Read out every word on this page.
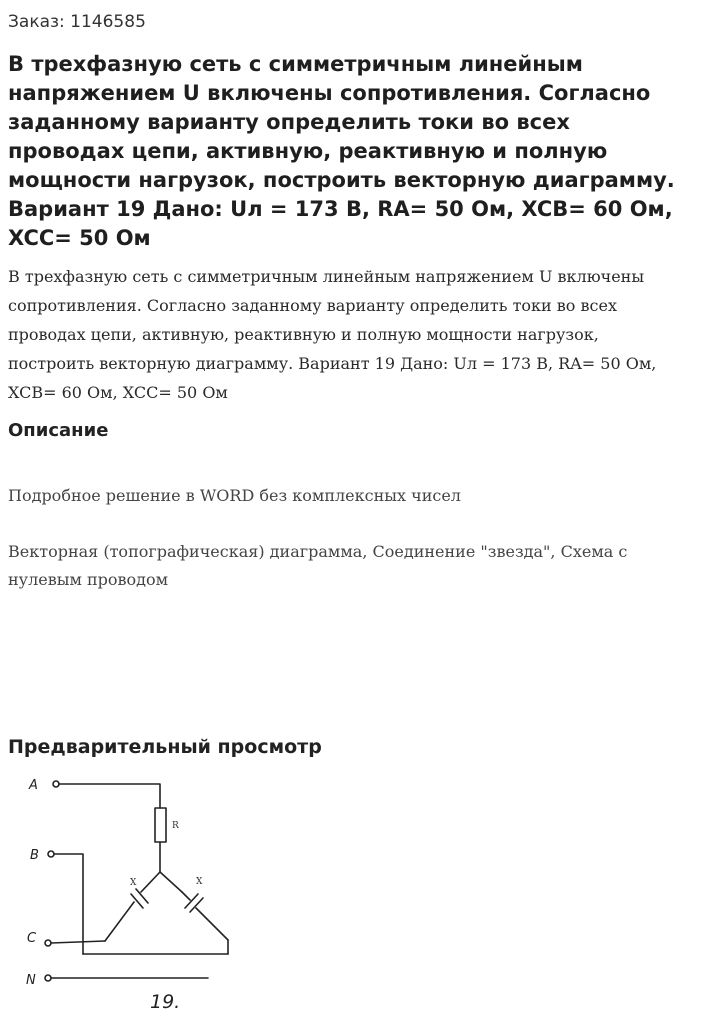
Заказ: 1146585
В трехфазную сеть с симметричным линейным напряжением U включены сопротивления. Согласно заданному варианту определить токи во всех проводах цепи, активную, реактивную и полную мощности нагрузок, построить векторную диаграмму. Вариант 19 Дано: Uл = 173 В, RA= 50 Ом, XCB= 60 Ом, XCC= 50 Ом

В трехфазную сеть с симметричным линейным напряжением U включены сопротивления. Согласно заданному варианту определить токи во всех проводах цепи, активную, реактивную и полную мощности нагрузок, построить векторную диаграмму. Вариант 19 Дано: Uл = 173 В, RA= 50 Ом, XCB= 60 Ом, XCC= 50 Ом

Описание

Подробное решение в WORD без комплексных чисел

Векторная (топографическая) диаграмма, Соединение "звезда", Схема с нулевым проводом

Предварительный просмотр
A
B
C
N
R
X	X
19.
